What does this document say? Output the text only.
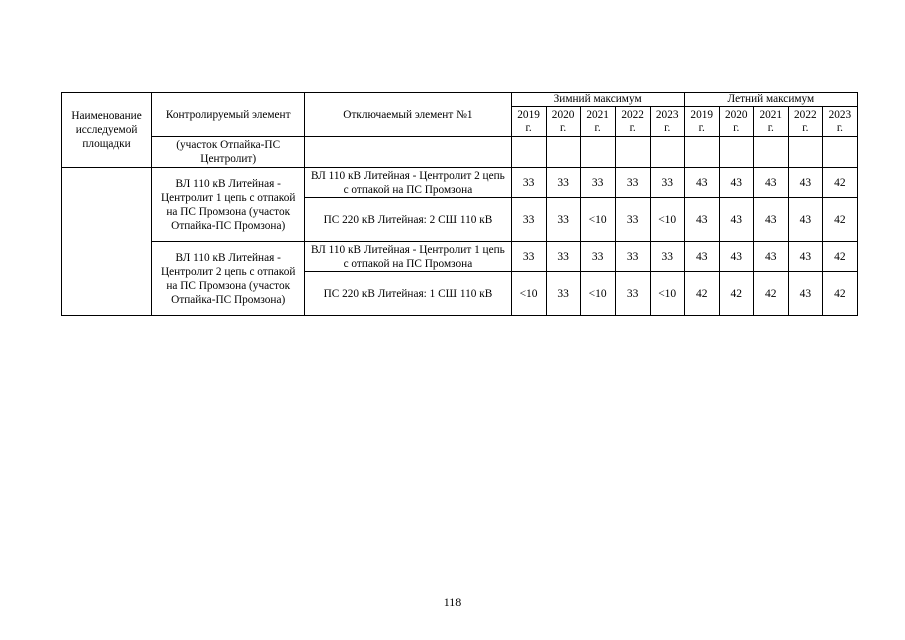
Наименование исследуемой площадки	Контролируемый элемент	Отключаемый элемент №1	Зимний максимум					Летний максимум				
			2019 г.	2020 г.	2021 г.	2022 г.	2023 г.	2019 г.	2020 г.	2021 г.	2022 г.	2023 г.
	(участок Отпайка-ПС Центролит)											
	ВЛ 110 кВ Литейная - Центролит 1 цепь с отпакой на ПС Промзона (участок Отпайка-ПС Промзона)	ВЛ 110 кВ Литейная - Центролит 2 цепь с отпакой на ПС Промзона	33	33	33	33	33	43	43	43	43	42
		ПС 220 кВ Литейная: 2 СШ 110 кВ	33	33	<10	33	<10	43	43	43	43	42
	ВЛ 110 кВ Литейная - Центролит 2 цепь с отпакой на ПС Промзона (участок Отпайка-ПС Промзона)	ВЛ 110 кВ Литейная - Центролит 1 цепь с отпакой на ПС Промзона	33	33	33	33	33	43	43	43	43	42
		ПС 220 кВ Литейная: 1 СШ 110 кВ	<10	33	<10	33	<10	42	42	42	43	42
118
